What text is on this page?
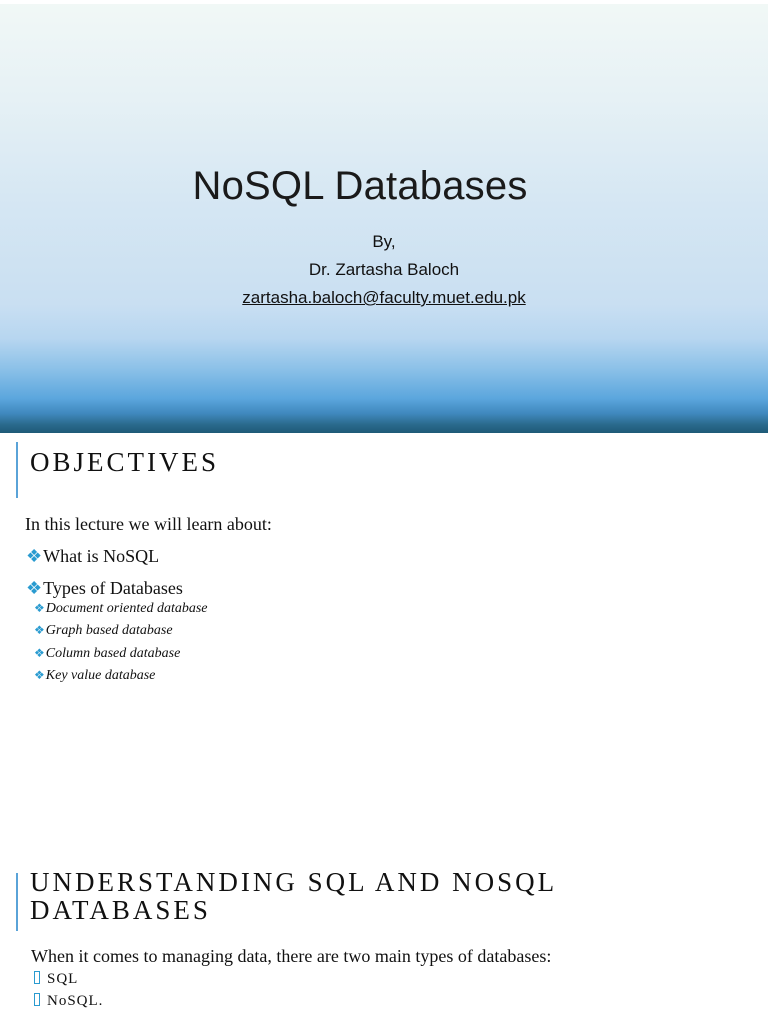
NoSQL Databases
By,
Dr. Zartasha Baloch
zartasha.baloch@faculty.muet.edu.pk
OBJECTIVES
In this lecture we will learn about:
❖What is NoSQL
❖Types of Databases
❖Document oriented database
❖Graph based database
❖Column based database
❖Key value database
UNDERSTANDING SQL AND NOSQL
DATABASES
When it comes to managing data, there are two main types of databases:
SQL
NoSQL.
